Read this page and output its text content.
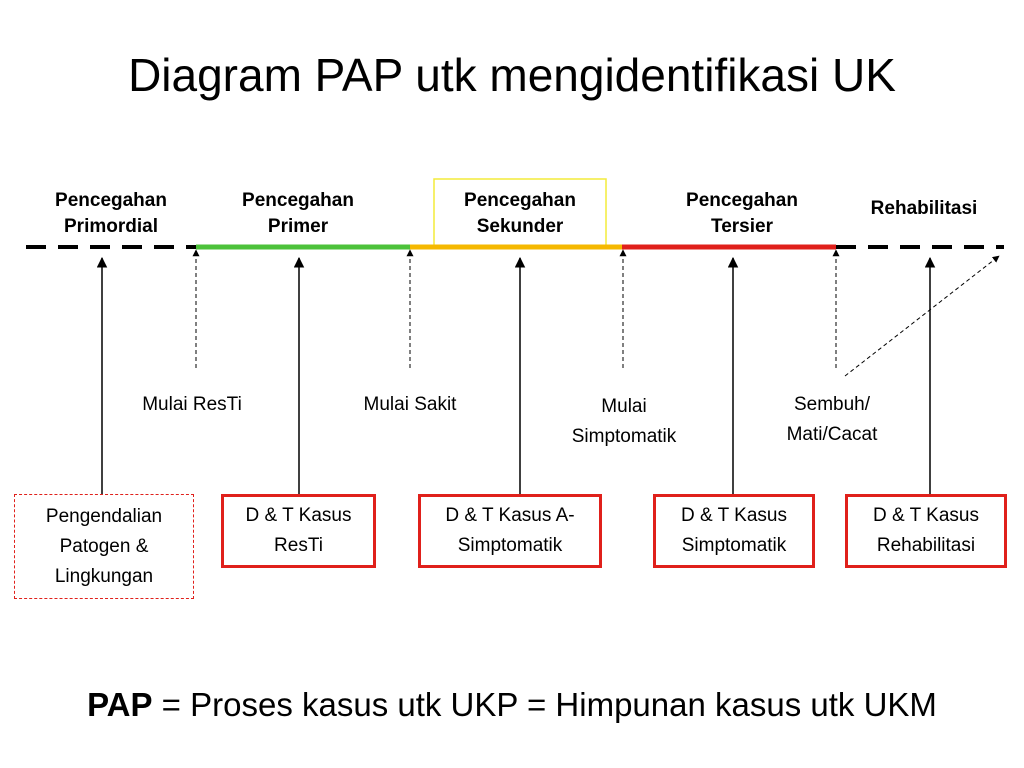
Diagram PAP utk mengidentifikasi UK
Pencegahan Primordial
Pencegahan Primer
Pencegahan Sekunder
Pencegahan Tersier
Rehabilitasi
Mulai ResTi	Mulai Sakit	Mulai Simptomatik
Sembuh/ Mati/Cacat
Pengendalian Patogen & Lingkungan
D & T Kasus ResTi
D & T Kasus A-Simptomatik
D & T Kasus Simptomatik
D & T Kasus Rehabilitasi
PAP = Proses kasus utk UKP = Himpunan kasus utk UKM
